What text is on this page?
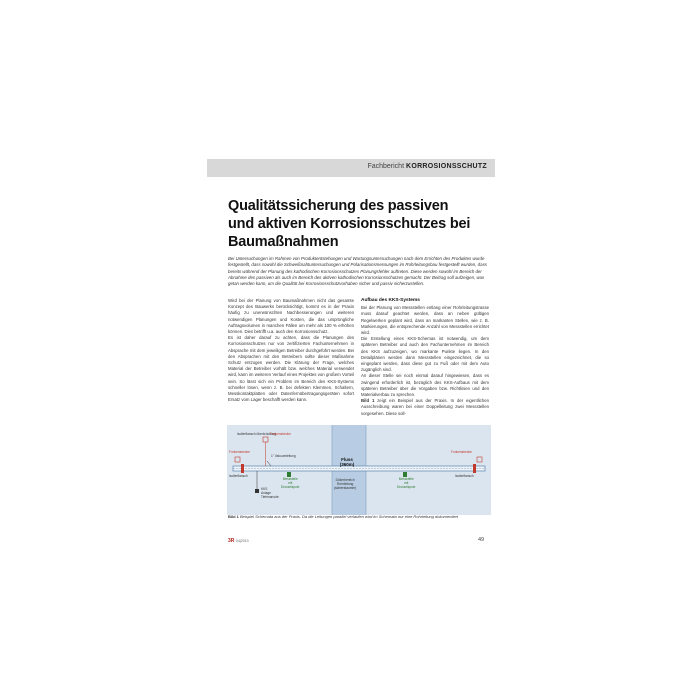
Fachbericht KORROSIONSSCHUTZ
Qualitätssicherung des passiven
und aktiven Korrosionsschutzes bei
Baumaßnahmen
Bei Untersuchungen im Rahmen von Produktentstehungen und Wartungsuntersuchungen nach dem Errichten des Produktes wurde festgestellt, dass sowohl die Schweißnahtuntersuchungen und Polarisationsmessungen im Rohrleitungsbau festgestellt wurden, dass bereits während der Planung des kathodischen Korrosionsschutzes Planungsfehler auftreten. Diese werden sowohl im Bereich der Abnahme des passiven als auch im Bereich des aktiven kathodischen Korrosionsschutzes gemacht. Der Beitrag soll aufzeigen, was getan werden kann, um die Qualität bei Korrosionsschutzvorhaben sicher und passiv sicherzustellen.

Wird bei der Planung von Baumaßnahmen nicht das gesamte Konzept des Bauwerks berücksichtigt, kommt es in der Praxis häufig zu unerwünschten Nachbesserungen und weiteren notwendigen Planungen und Kosten, die das ursprüngliche Auftragsvolumen in manchen Fällen um mehr als 100 % erhöhen können. Dies betrifft u.a. auch den Korrosionsschutz.

Es ist daher darauf zu achten, dass die Planungen des Korrosionsschutzes nur von zertifizierten Fachunternehmen in Absprache mit dem jeweiligen Betreiber durchgeführt werden. Bei den Absprachen mit den Betreibern sollte dieser Maßnahme Schutz entzogen werden. Die Klärung der Frage, welches Material der Betreiber vorhält bzw. welches Material verwendet wird, kann im weiteren Verlauf eines Projektes von großem Vorteil sein. So lässt sich ein Problem im Bereich des KKS-Systems schneller lösen, wenn z. B. bei defekten Klemmen, Schaltern, Messkontaktplatten oder Datenfernübertragungsgeräten sofort Ersatz vom Lager beschafft werden kann.

Aufbau des KKS-Systems

Bei der Planung von Messstellen entlang einer Rohrleitungstrasse muss darauf geachtet werden, dass an neben gültigen Regelwerken geplant wird, dass an markanten Stellen, wie z. B. Markierungen, die entsprechende Anzahl von Messstellen errichtet wird.

Die Erstellung eines KKS-Schemas ist notwendig, um dem späteren Betreiber und auch den Fachunternehmen im Bereich des KKS aufzuzeigen, wo markante Punkte liegen. In den Detailplänen werden dann Messstellen eingezeichnet, die so eingeplant werden, dass diese gut zu Fuß oder mit dem Auto zugänglich sind.

An dieser Stelle sei noch einmal darauf hingewiesen, dass es zwingend erforderlich ist, bezüglich des KKS-Aufbaus mit dem späteren Betreiber über die Vorgaben bzw. Richtlinien und den Materialverbau zu sprechen.

Bild 1 zeigt ein Beispiel aus der Praxis. In der eigentlichen Ausschreibung waren bei einer Doppelleitung zwei Messstellen vorgesehen. Diese soll-

Isolierflansch überbrückung
Funkenstrecke
1" Vakuumleitung
Funkenstrecke	Funkenstrecke
Isolierflansch	Isolierflansch
Messstelle
mit
Drosselspule
Messstelle
mit
Drosselspule
Fluss
(360m)
Dükerbereich
Rohrleitung
(sideerstaumer)
KKS
Anlage
Tiefenanode
Bild 1 Beispiel Schemata aus der Praxis. Da die Leitungen parallel verlaufen wird im Schemata nur eine Rohrleitung dokumentiert
3R 04|2013	49
